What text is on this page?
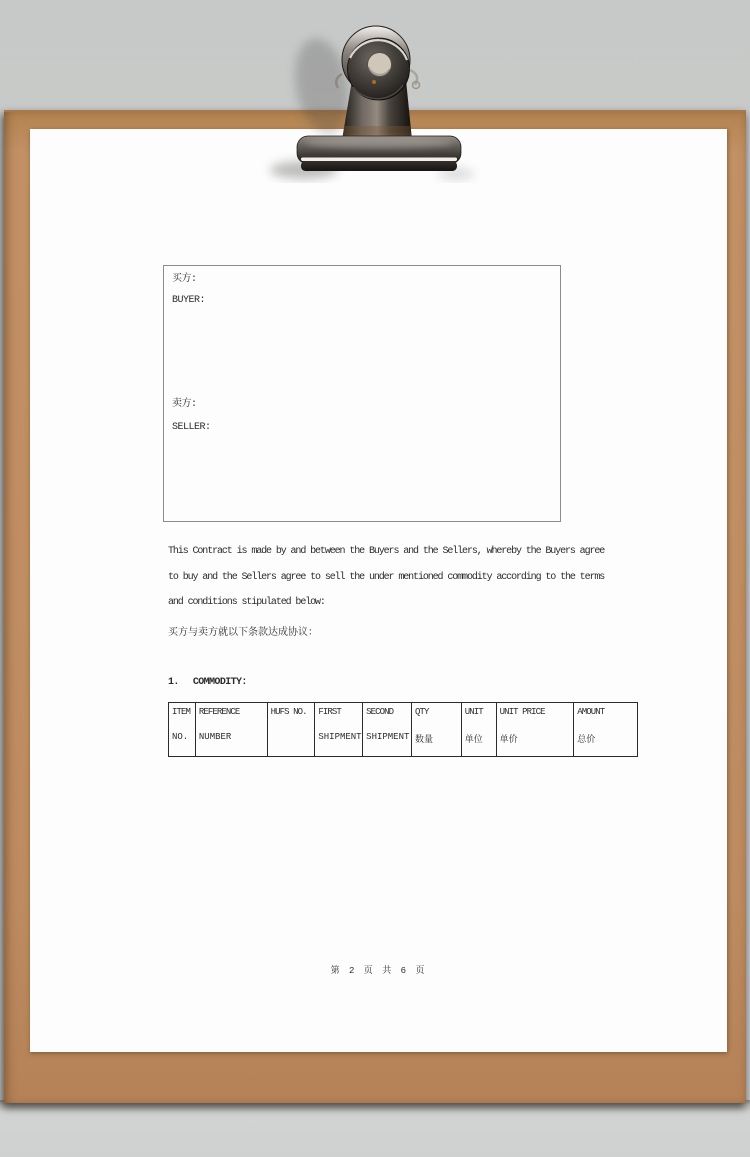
买方:
BUYER:
卖方:
SELLER:
This Contract is made by and between the Buyers and the Sellers, whereby the Buyers agree
to buy and the Sellers agree to sell the under mentioned commodity according to the terms
and conditions stipulated below:
买方与卖方就以下条款达成协议：
1. COMMODITY:
ITEM
NO.
REFERENCE
NUMBER
HUFS NO. FIRST
SHIPMENT
SECOND
SHIPMENT
QTY
数量
UNIT
单位
UNIT PRICE
单价
AMOUNT
总价
第 2 页 共 6 页
